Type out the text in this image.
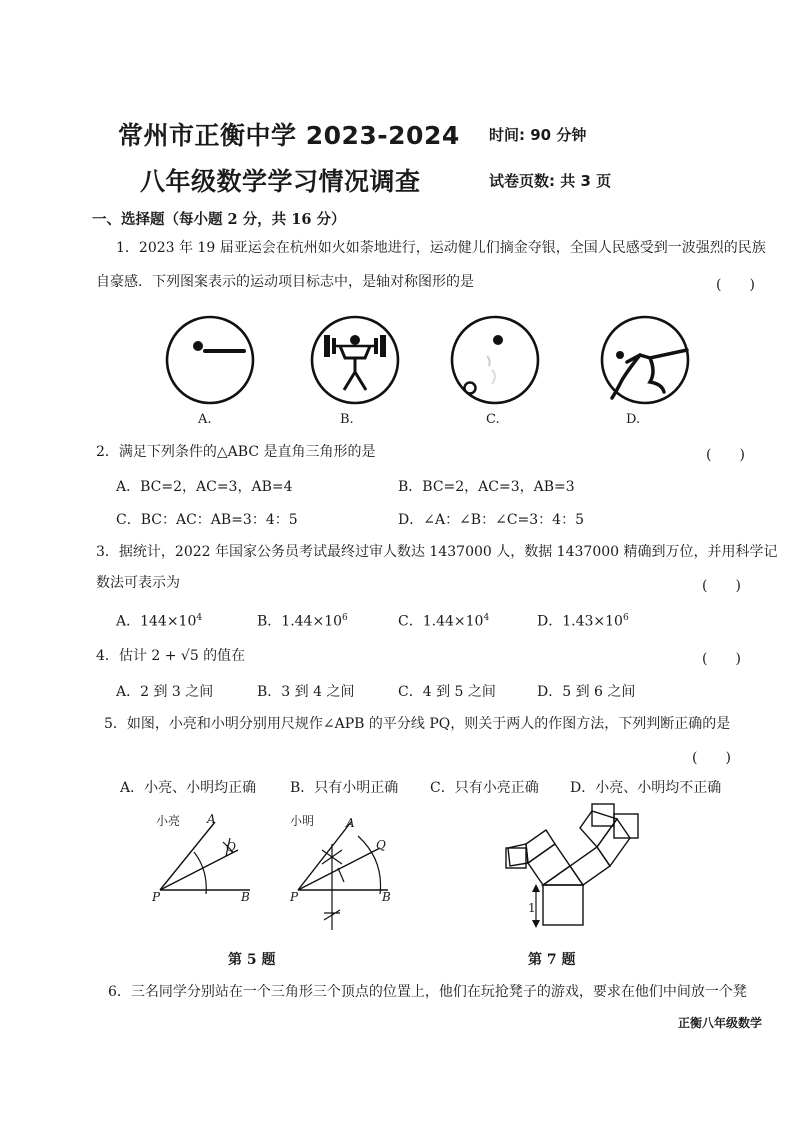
常州市正衡中学 2023-2024
八年级数学学习情况调查
时间: 90 分钟
试卷页数: 共 3 页
一、选择题（每小题 2 分，共 16 分）
1．2023 年 19 届亚运会在杭州如火如荼地进行，运动健儿们摘金夺银，全国人民感受到一波强烈的民族
自豪感．下列图案表示的运动项目标志中，是轴对称图形的是	(　　)
A.	B.	C.	D.
2．满足下列条件的△ABC 是直角三角形的是	(　　)
A．BC=2，AC=3，AB=4	B．BC=2，AC=3，AB=3
C．BC：AC：AB=3：4：5	D．∠A：∠B：∠C=3：4：5
3．据统计，2022 年国家公务员考试最终过审人数达 1437000 人，数据 1437000 精确到万位，并用科学记
数法可表示为	(　　)
A．$144\times 10^4$	B．$1.44\times 10^6$	C．$1.44\times 10^4$	D．$1.43\times 10^6$
4．估计 2 + √5 的值在	(　　)
A．2 到 3 之间	B．3 到 4 之间	C．4 到 5 之间	D．5 到 6 之间
5．如图，小亮和小明分别用尺规作∠APB 的平分线 PQ，则关于两人的作图方法，下列判断正确的是
(　　)
A．小亮、小明均正确 B．只有小明正确 C．只有小亮正确 D．小亮、小明均不正确
小亮 A
Q
P	B
小明	A
Q
P	B
1
第 5 题	第 7 题
6．三名同学分别站在一个三角形三个顶点的位置上，他们在玩抢凳子的游戏，要求在他们中间放一个凳
正衡八年级数学
